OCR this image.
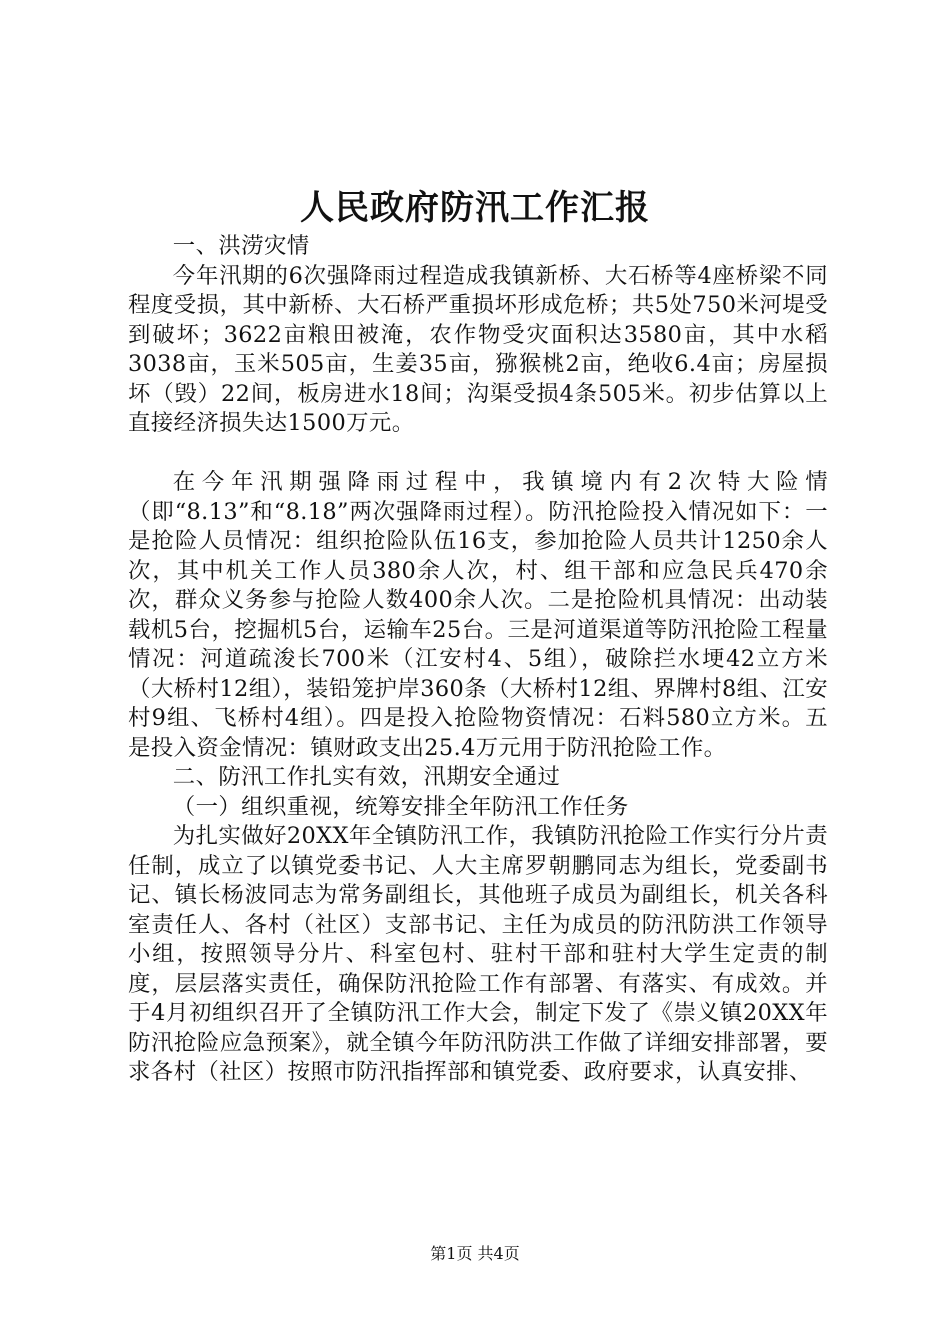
人民政府防汛工作汇报

一、洪涝灾情

今年汛期的6次强降雨过程造成我镇新桥、大石桥等4座桥梁不同程度受损，其中新桥、大石桥严重损坏形成危桥；共5处750米河堤受到破坏；3622亩粮田被淹，农作物受灾面积达3580亩，其中水稻3038亩，玉米505亩，生姜35亩，猕猴桃2亩，绝收6.4亩；房屋损坏（毁）22间，板房进水18间；沟渠受损4条505米。初步估算以上直接经济损失达1500万元。

在今年汛期强降雨过程中，我镇境内有2次特大险情（即“8.13”和“8.18”两次强降雨过程）。防汛抢险投入情况如下：一是抢险人员情况：组织抢险队伍16支，参加抢险人员共计1250余人次，其中机关工作人员380余人次，村、组干部和应急民兵470余次，群众义务参与抢险人数400余人次。二是抢险机具情况：出动装载机5台，挖掘机5台，运输车25台。三是河道渠道等防汛抢险工程量情况：河道疏浚长700米（江安村4、5组），破除拦水埂42立方米（大桥村12组），装铅笼护岸360条（大桥村12组、界牌村8组、江安村9组、飞桥村4组）。四是投入抢险物资情况：石料580立方米。五是投入资金情况：镇财政支出25.4万元用于防汛抢险工作。

二、防汛工作扎实有效，汛期安全通过

（一）组织重视，统筹安排全年防汛工作任务

为扎实做好20XX年全镇防汛工作，我镇防汛抢险工作实行分片责任制，成立了以镇党委书记、人大主席罗朝鹏同志为组长，党委副书记、镇长杨波同志为常务副组长，其他班子成员为副组长，机关各科室责任人、各村（社区）支部书记、主任为成员的防汛防洪工作领导小组，按照领导分片、科室包村、驻村干部和驻村大学生定责的制度，层层落实责任，确保防汛抢险工作有部署、有落实、有成效。并于4月初组织召开了全镇防汛工作大会，制定下发了《崇义镇20XX年防汛抢险应急预案》，就全镇今年防汛防洪工作做了详细安排部署，要求各村（社区）按照市防汛指挥部和镇党委、政府要求，认真安排、

第1页 共4页
